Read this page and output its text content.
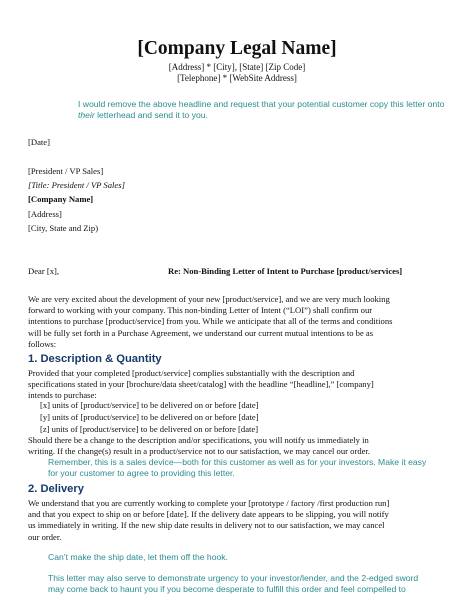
[Company Legal Name]
[Address] * [City], [State] [Zip Code]
[Telephone] * [WebSite Address]
I would remove the above headline and request that your potential customer copy this letter onto
their letterhead and send it to you.
[Date]
[President / VP Sales]
[Title: President / VP Sales]
[Company Name]
[Address]
[City, State and Zip)
Dear [x],	Re: Non-Binding Letter of Intent to Purchase [product/services]
We are very excited about the development of your new [product/service], and we are very much looking
forward to working with your company. This non-binding Letter of Intent (“LOI”) shall confirm our
intentions to purchase [product/service] from you. While we anticipate that all of the terms and conditions
will be fully set forth in a Purchase Agreement, we understand our current mutual intentions to be as
follows:
1. Description & Quantity
Provided that your completed [product/service] complies substantially with the description and
specifications stated in your [brochure/data sheet/catalog] with the headline “[headline],” [company]
intends to purchase:
[x] units of [product/service] to be delivered on or before [date]
[y] units of [product/service] to be delivered on or before [date]
[z] units of [product/service] to be delivered on or before [date]
Should there be a change to the description and/or specifications, you will notify us immediately in
writing. If the change(s) result in a product/service not to our satisfaction, we may cancel our order.
Remember, this is a sales device—both for this customer as well as for your investors. Make it easy
for your customer to agree to providing this letter.
2. Delivery
We understand that you are currently working to complete your [prototype / factory /first production run]
and that you expect to ship on or before [date]. If the delivery date appears to be slipping, you will notify
us immediately in writing. If the new ship date results in delivery not to our satisfaction, we may cancel
our order.
Can’t make the ship date, let them off the hook.
This letter may also serve to demonstrate urgency to your investor/lender, and the 2-edged sword
may come back to haunt you if you become desperate to fulfill this order and feel compelled to
